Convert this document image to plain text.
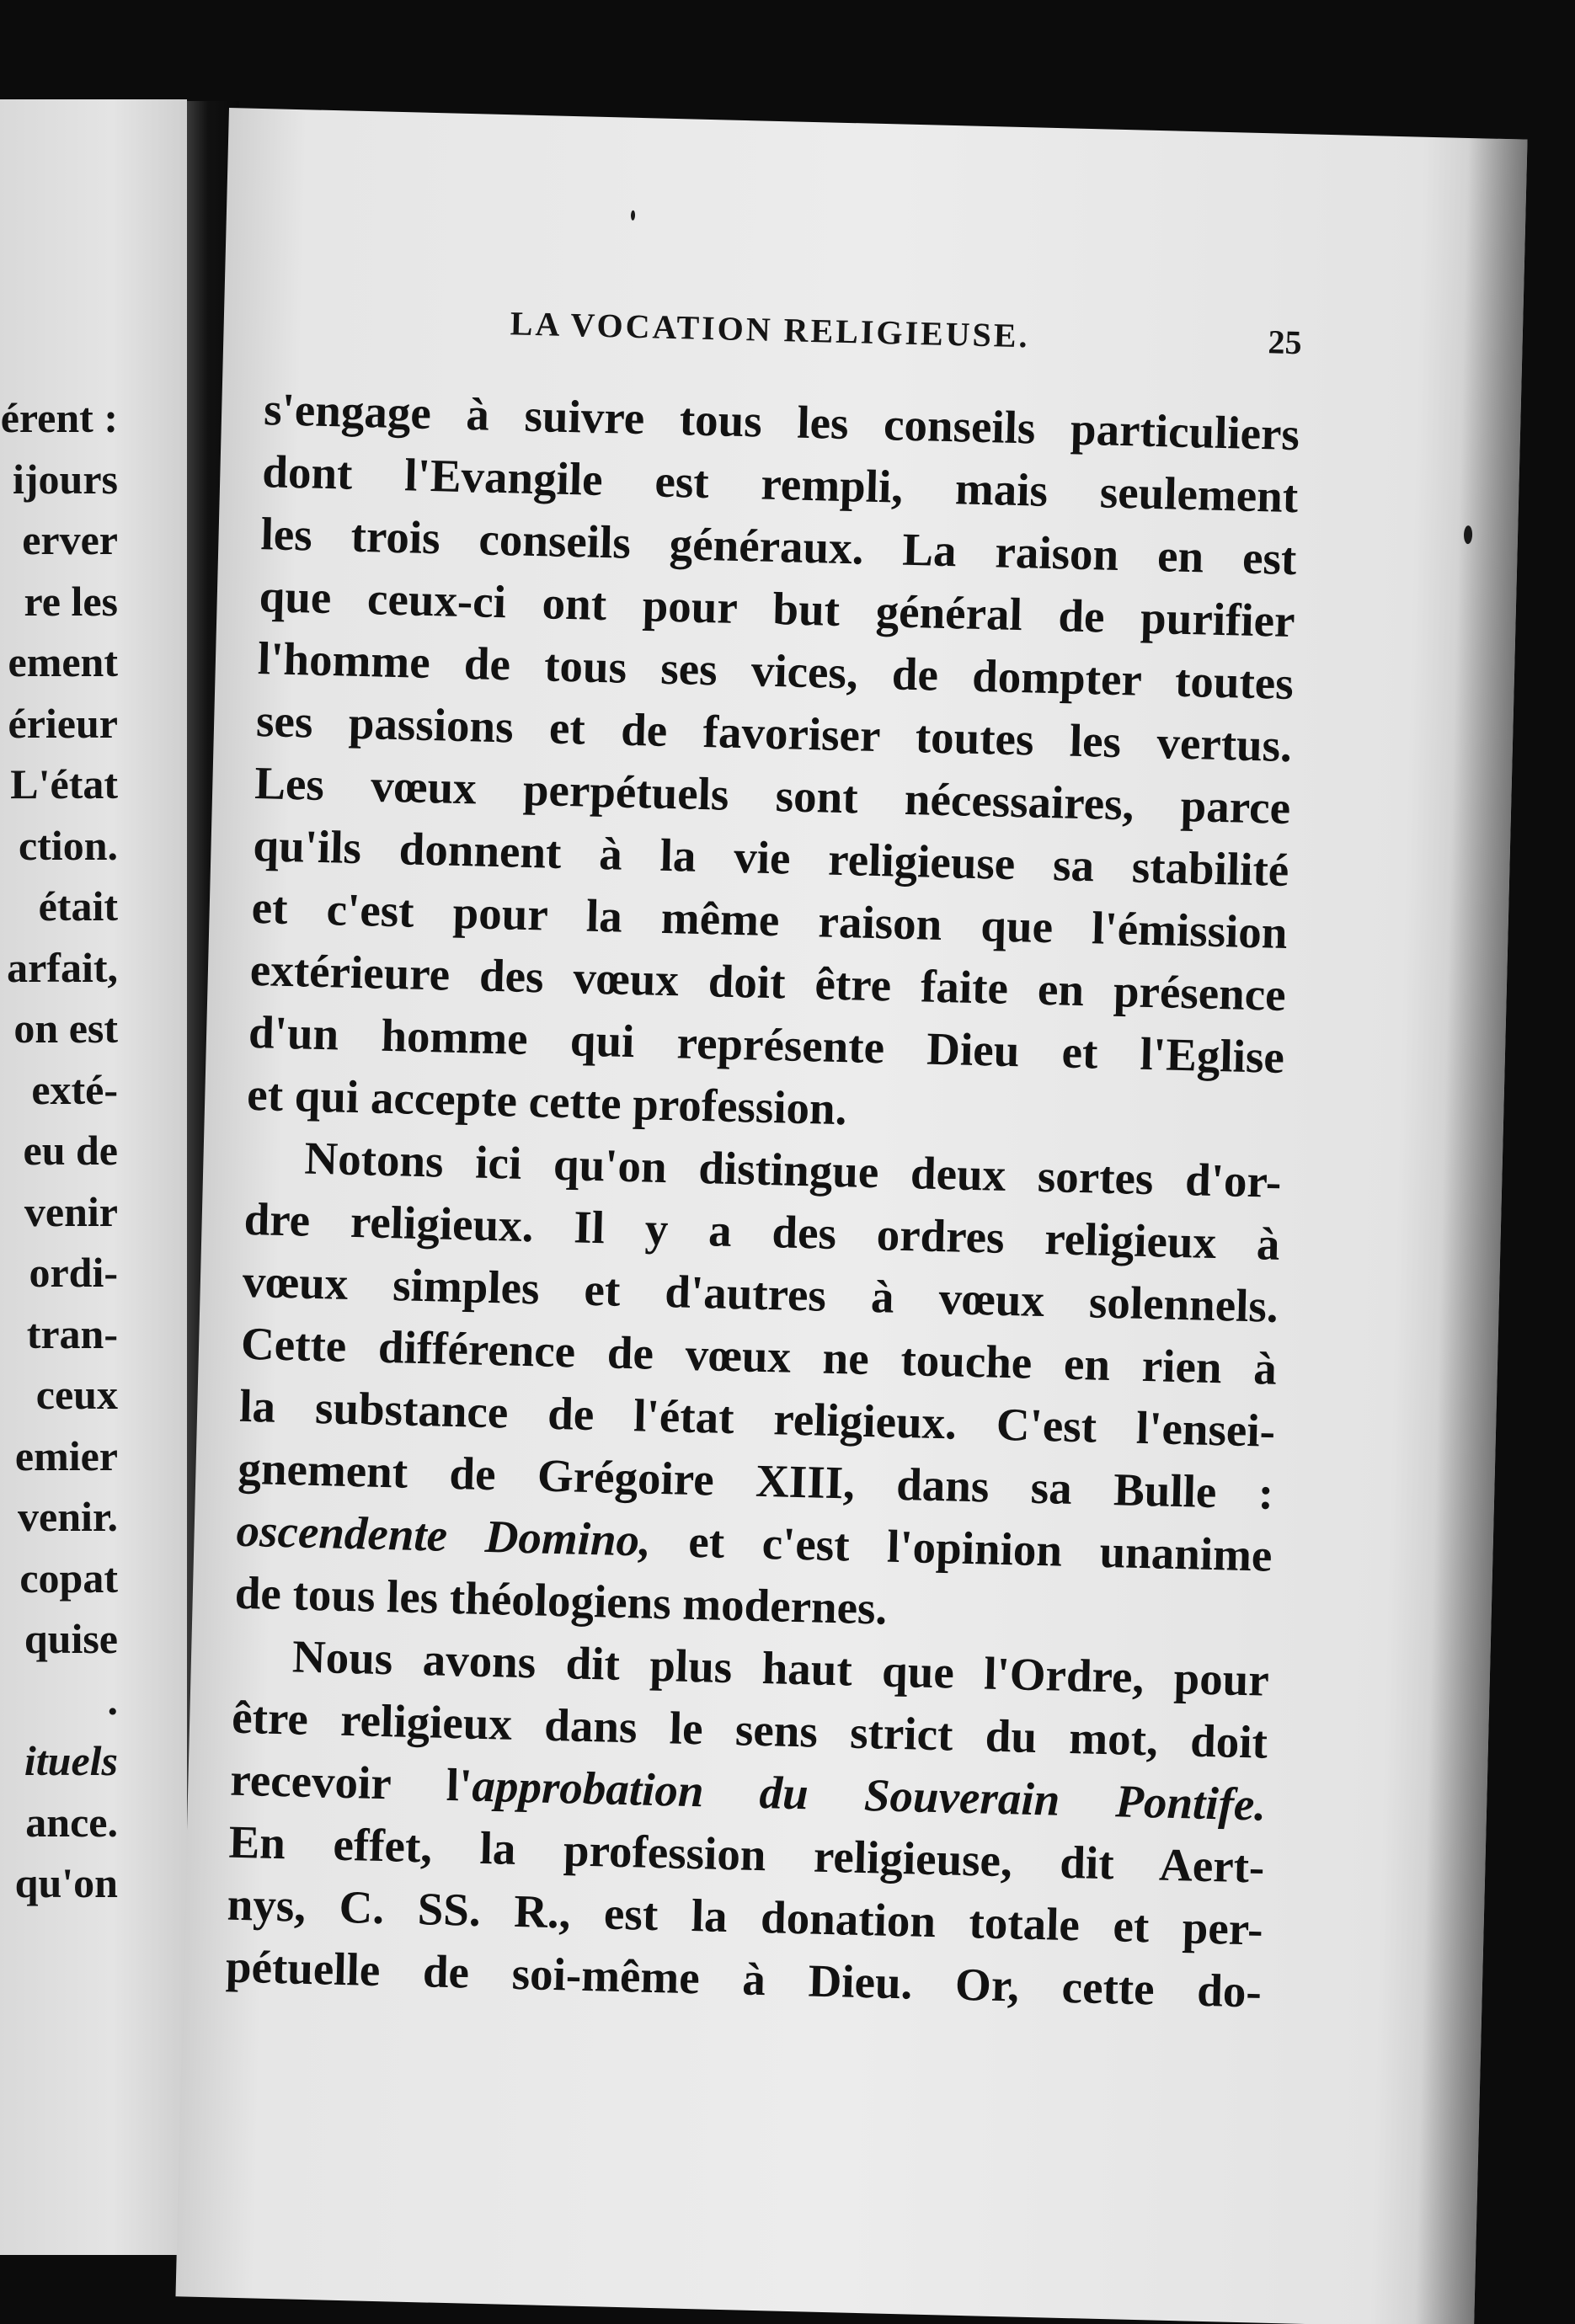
érent :
ijours
erver
re les
ement
érieur
L'état
ction.
était
arfait,
on est
exté-
eu de
venir
ordi-
tran-
ceux
emier
venir.
copat
quise
.
ituels
ance.
qu'on
LA VOCATION RELIGIEUSE.	25
s'engage à suivre tous les conseils particuliers
dont l'Evangile est rempli, mais seulement
les trois conseils généraux. La raison en est
que ceux-ci ont pour but général de purifier
l'homme de tous ses vices, de dompter toutes
ses passions et de favoriser toutes les vertus.
Les vœux perpétuels sont nécessaires, parce
qu'ils donnent à la vie religieuse sa stabilité
et c'est pour la même raison que l'émission
extérieure des vœux doit être faite en présence
d'un homme qui représente Dieu et l'Eglise
et qui accepte cette profession.
Notons ici qu'on distingue deux sortes d'or-
dre religieux. Il y a des ordres religieux à
vœux simples et d'autres à vœux solennels.
Cette différence de vœux ne touche en rien à
la substance de l'état religieux. C'est l'ensei-
gnement de Grégoire XIII, dans sa Bulle :
oscendente Domino, et c'est l'opinion unanime
de tous les théologiens modernes.
Nous avons dit plus haut que l'Ordre, pour
être religieux dans le sens strict du mot, doit
recevoir l'approbation du Souverain Pontife.
En effet, la profession religieuse, dit Aert-
nys, C. SS. R., est la donation totale et per-
pétuelle de soi-même à Dieu. Or, cette do-
